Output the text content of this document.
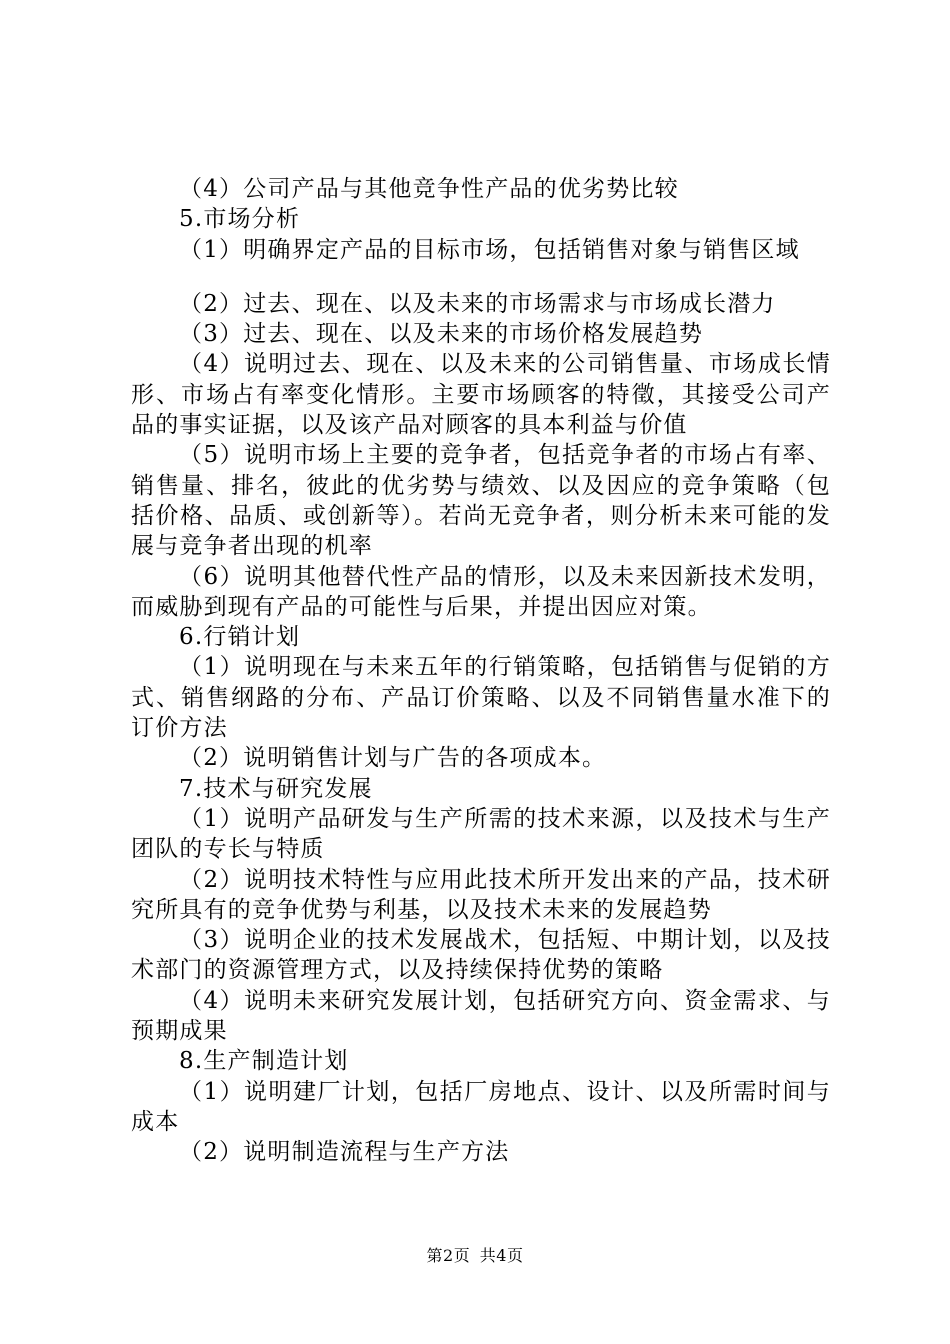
（4）公司产品与其他竞争性产品的优劣势比较

5.市场分析

（1）明确界定产品的目标市场，包括销售对象与销售区域

（2）过去、现在、以及未来的市场需求与市场成长潜力

（3）过去、现在、以及未来的市场价格发展趋势

（4）说明过去、现在、以及未来的公司销售量、市场成长情形、市场占有率变化情形。主要市场顾客的特徵，其接受公司产品的事实证据，以及该产品对顾客的具本利益与价值

（5）说明市场上主要的竞争者，包括竞争者的市场占有率、销售量、排名，彼此的优劣势与绩效、以及因应的竞争策略（包括价格、品质、或创新等）。若尚无竞争者，则分析未来可能的发展与竞争者出现的机率

（6）说明其他替代性产品的情形，以及未来因新技术发明，而威胁到现有产品的可能性与后果，并提出因应对策。

6.行销计划

（1）说明现在与未来五年的行销策略，包括销售与促销的方式、销售纲路的分布、产品订价策略、以及不同销售量水准下的订价方法

（2）说明销售计划与广告的各项成本。

7.技术与研究发展

（1）说明产品研发与生产所需的技术来源，以及技术与生产团队的专长与特质

（2）说明技术特性与应用此技术所开发出来的产品，技术研究所具有的竞争优势与利基，以及技术未来的发展趋势

（3）说明企业的技术发展战术，包括短、中期计划，以及技术部门的资源管理方式，以及持续保持优势的策略

（4）说明未来研究发展计划，包括研究方向、资金需求、与预期成果

8.生产制造计划

（1）说明建厂计划，包括厂房地点、设计、以及所需时间与成本

（2）说明制造流程与生产方法

第2页 共4页
